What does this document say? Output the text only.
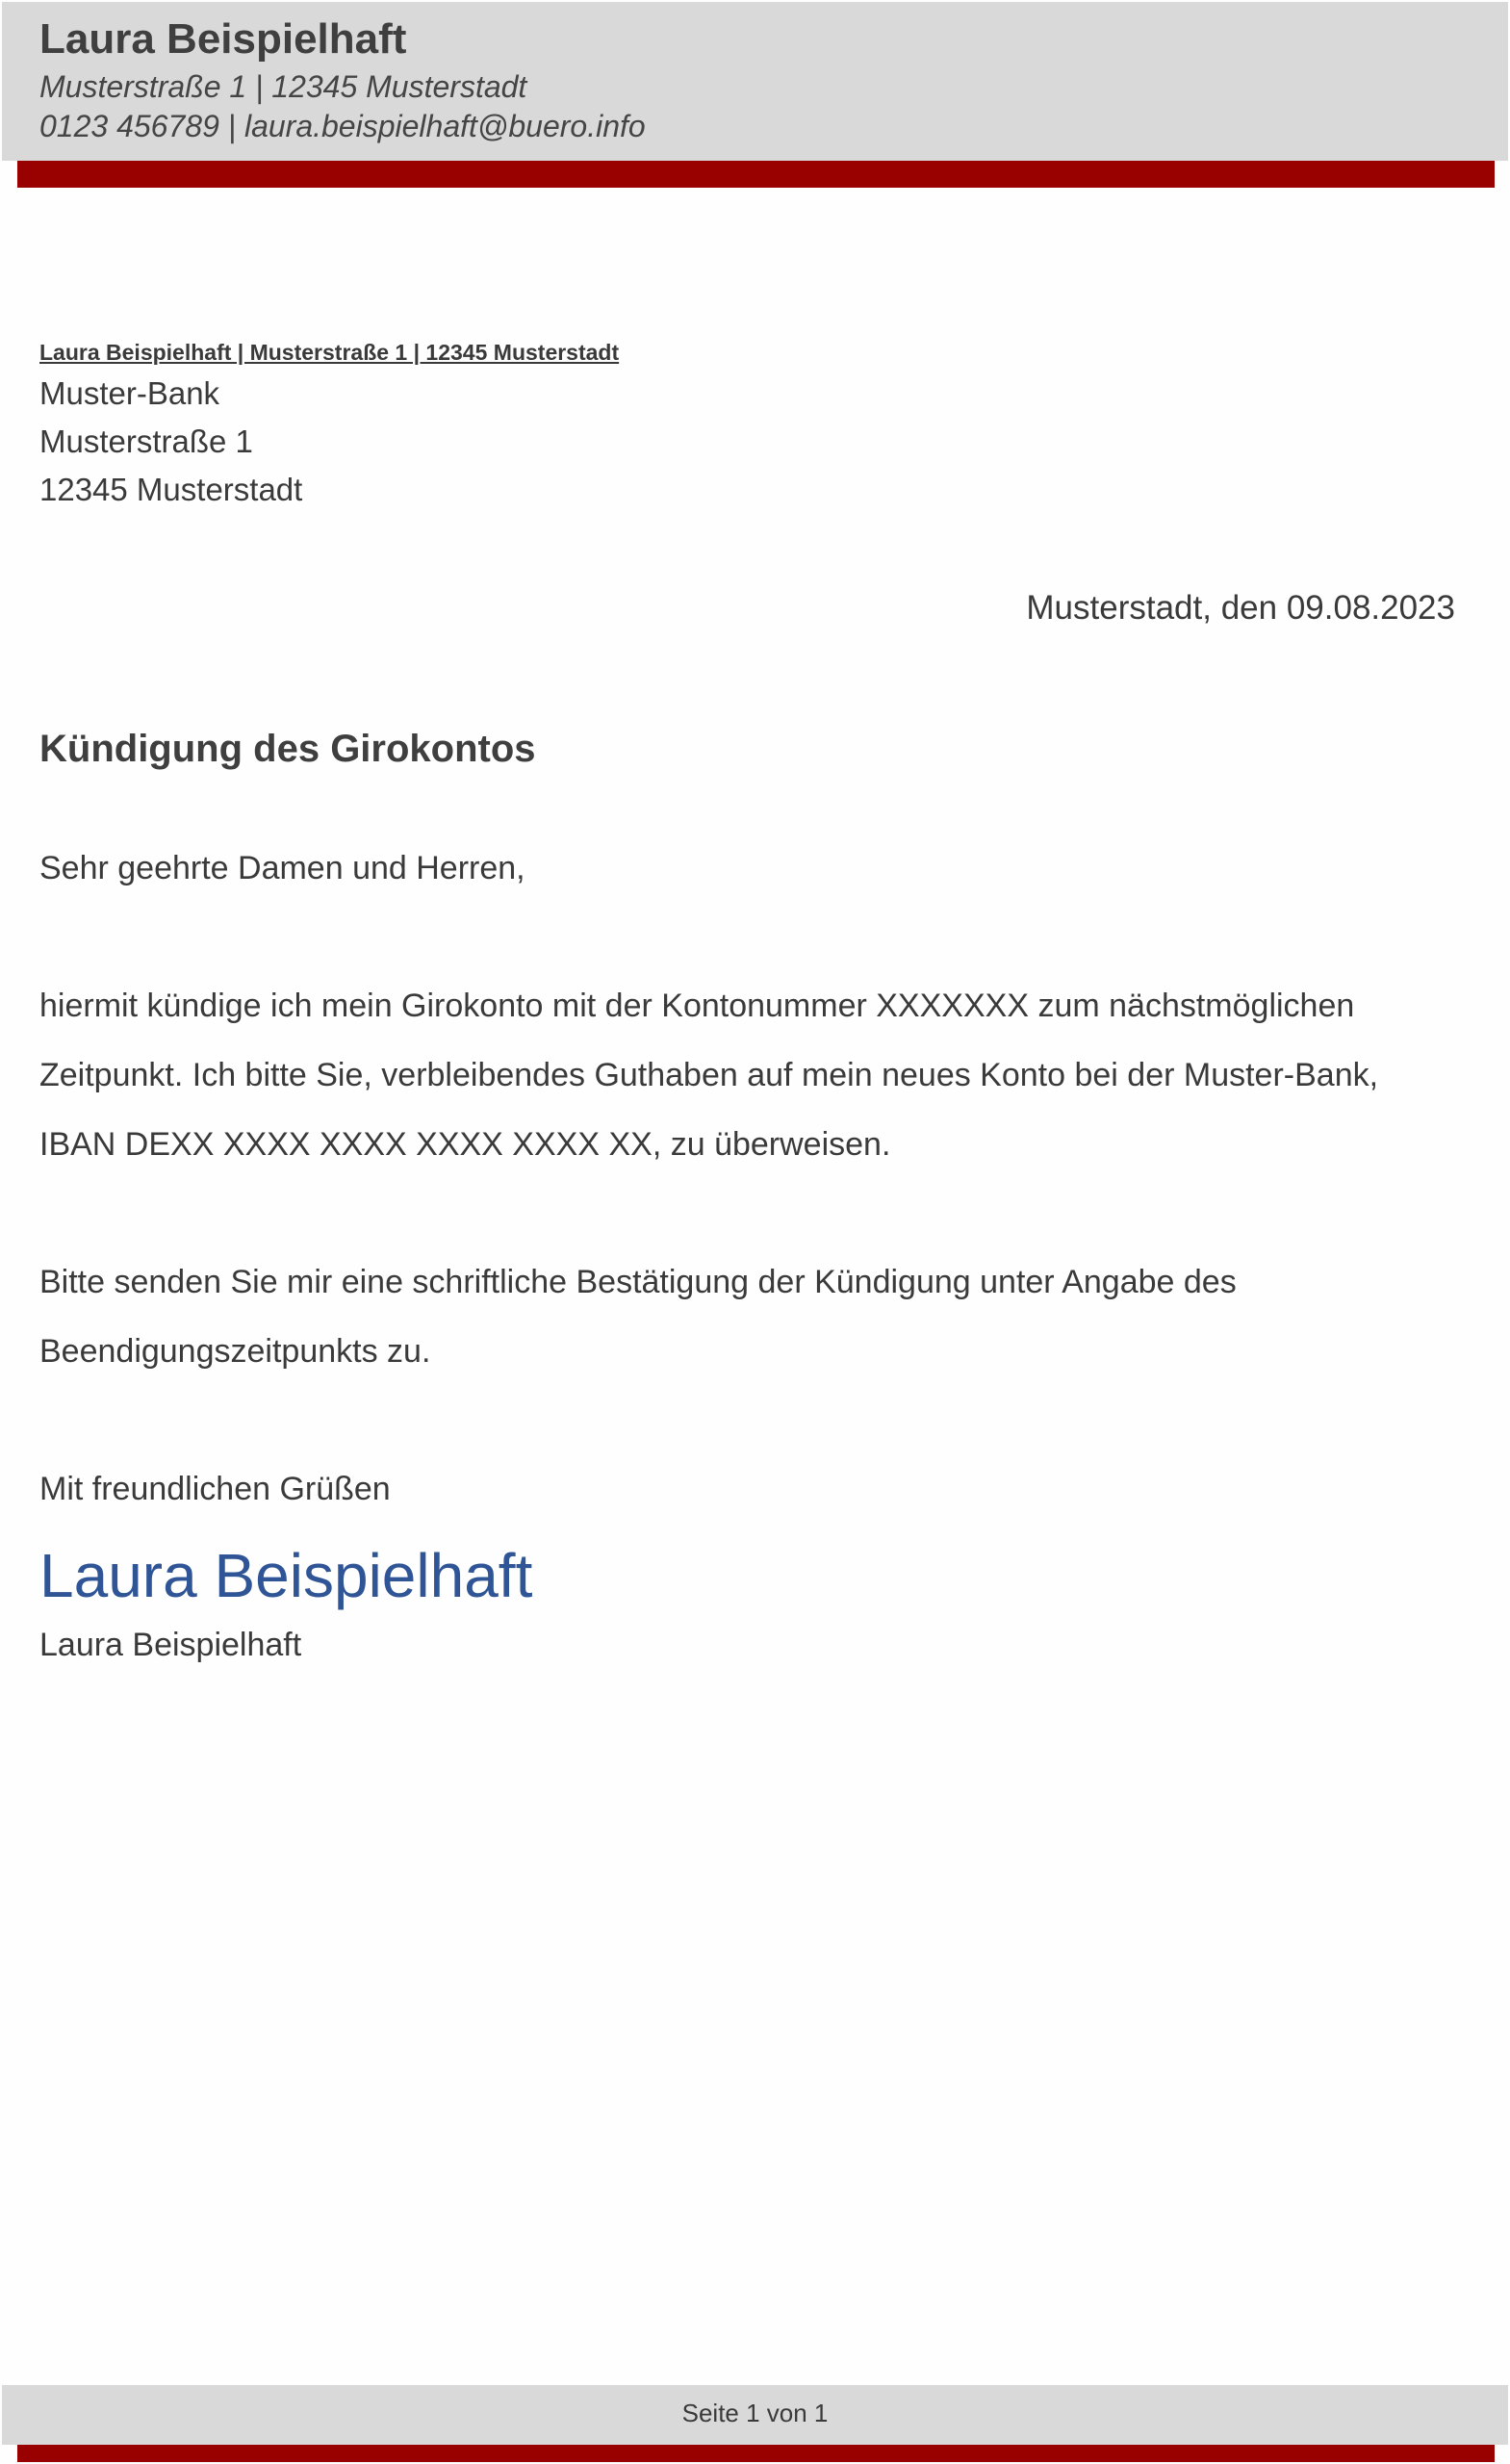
Laura Beispielhaft
Musterstraße 1 | 12345 Musterstadt
0123 456789 | laura.beispielhaft@buero.info
Laura Beispielhaft | Musterstraße 1 | 12345 Musterstadt
Muster-Bank
Musterstraße 1
12345 Musterstadt
Musterstadt, den 09.08.2023
Kündigung des Girokontos
Sehr geehrte Damen und Herren,
hiermit kündige ich mein Girokonto mit der Kontonummer XXXXXXX zum nächstmöglichen
Zeitpunkt. Ich bitte Sie, verbleibendes Guthaben auf mein neues Konto bei der Muster-Bank,
IBAN DEXX XXXX XXXX XXXX XXXX XX, zu überweisen.
Bitte senden Sie mir eine schriftliche Bestätigung der Kündigung unter Angabe des
Beendigungszeitpunkts zu.
Mit freundlichen Grüßen
Laura Beispielhaft
Laura Beispielhaft
Seite 1 von 1
